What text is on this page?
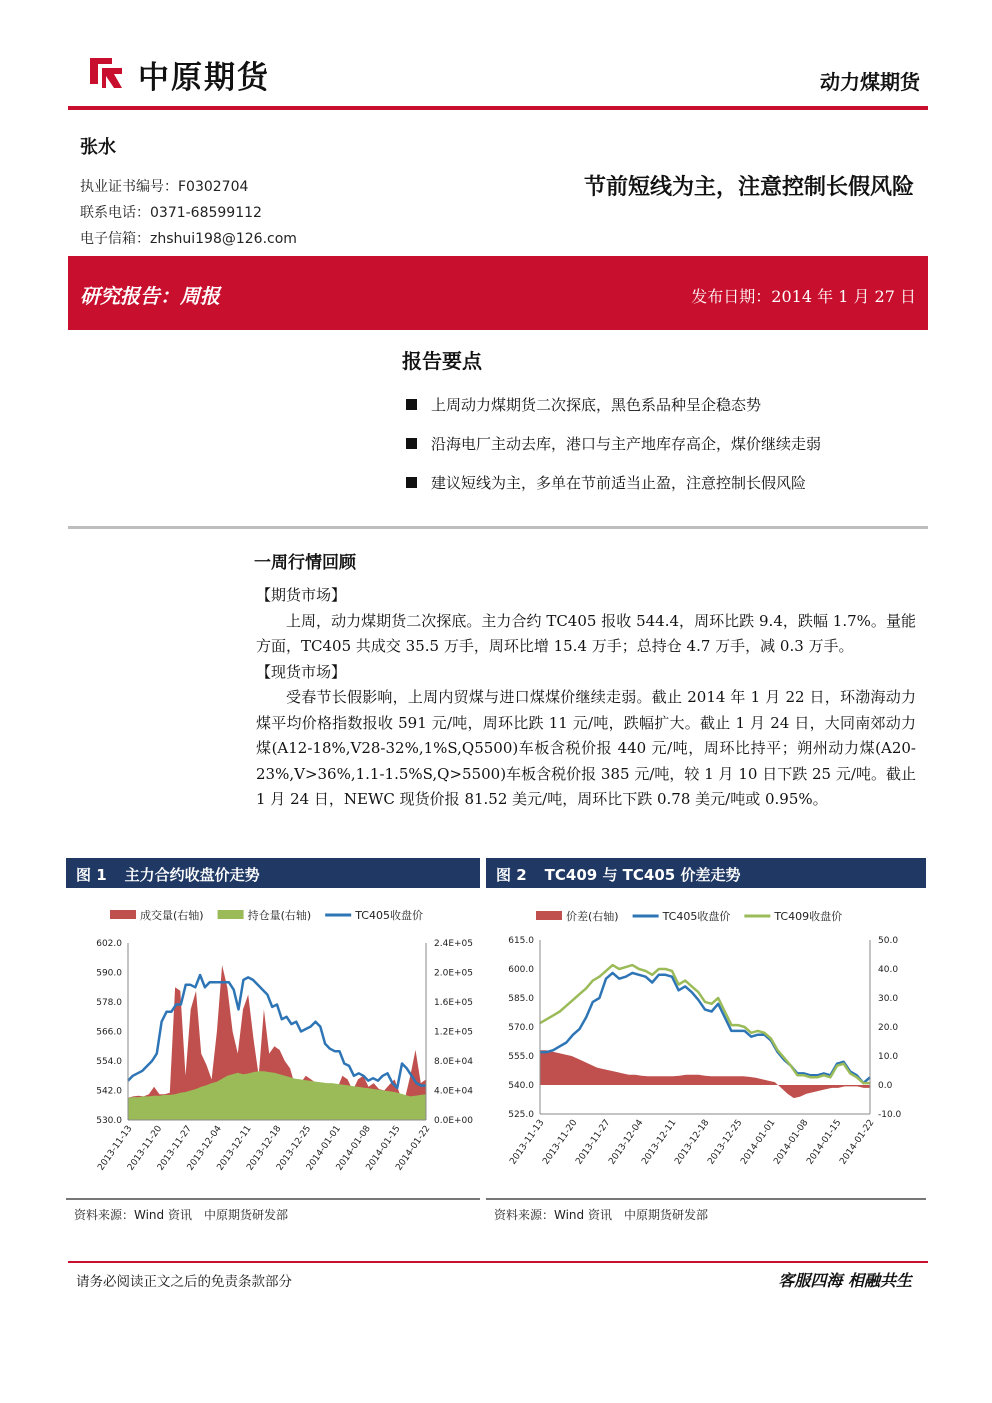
中原期货	动力煤期货
张水
执业证书编号：F0302704
联系电话：0371-68599112
电子信箱：zhshui198@126.com
节前短线为主，注意控制长假风险
研究报告：周报	发布日期：2014 年 1 月 27 日
报告要点
上周动力煤期货二次探底，黑色系品种呈企稳态势
沿海电厂主动去库，港口与主产地库存高企，煤价继续走弱
建议短线为主，多单在节前适当止盈，注意控制长假风险
一周行情回顾
【期货市场】

上周，动力煤期货二次探底。主力合约 TC405 报收 544.4，周环比跌 9.4，跌幅 1.7%。量能方面，TC405 共成交 35.5 万手，周环比增 15.4 万手；总持仓 4.7 万手，减 0.3 万手。

【现货市场】

受春节长假影响，上周内贸煤与进口煤煤价继续走弱。截止 2014 年 1 月 22 日，环渤海动力煤平均价格指数报收 591 元/吨，周环比跌 11 元/吨，跌幅扩大。截止 1 月 24 日，大同南郊动力煤(A12-18%,V28-32%,1%S,Q5500)车板含税价报 440 元/吨，周环比持平；朔州动力煤(A20-23%,V>36%,1.1-1.5%S,Q>5500)车板含税价报 385 元/吨，较 1 月 10 日下跌 25 元/吨。截止 1 月 24 日，NEWC 现货价报 81.52 美元/吨，周环比下跌 0.78 美元/吨或 0.95%。

图 1 主力合约收盘价走势
成交量(右轴)	持仓量(右轴)	TC405收盘价
602.0
590.0
578.0
566.0
554.0
542.0
530.0
2.4E+05
2.0E+05
1.6E+05
1.2E+05
8.0E+04
4.0E+04
0.0E+00
2013-11-13
2013-11-20
2013-11-27
2013-12-04
2013-12-11
2013-12-18
2013-12-25
2014-01-01
2014-01-08
2014-01-15
2014-01-22
资料来源：Wind 资讯　中原期货研发部
图 2 TC409 与 TC405 价差走势
价差(右轴)	TC405收盘价	TC409收盘价
615.0
600.0
585.0
570.0
555.0
540.0
525.0
50.0
40.0
30.0
20.0
10.0
0.0
-10.0
2013-11-13
2013-11-20
2013-11-27
2013-12-04
2013-12-11
2013-12-18
2013-12-25
2014-01-01
2014-01-08
2014-01-15
2014-01-22
资料来源：Wind 资讯　中原期货研发部
请务必阅读正文之后的免责条款部分	客服四海 相融共生
